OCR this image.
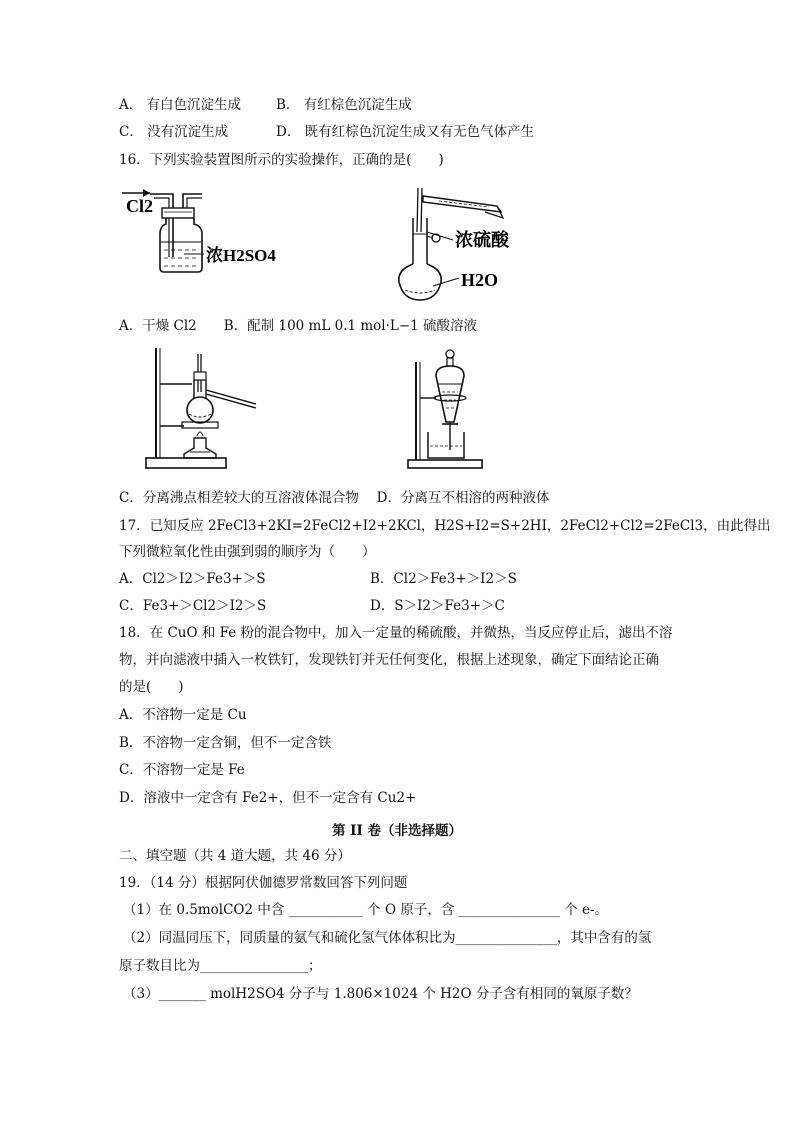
A． 有白色沉淀生成	B． 有红棕色沉淀生成
C． 没有沉淀生成	D． 既有红棕色沉淀生成又有无色气体产生
16．下列实验装置图所示的实验操作，正确的是(　　)
Cl2
浓H2SO4
浓硫酸
H2O
A．干燥 Cl2　　B．配制 100 mL 0.1 mol·L−1 硫酸溶液
C．分离沸点相差较大的互溶液体混合物　 D．分离互不相溶的两种液体
17．已知反应 2FeCl3+2KI=2FeCl2+I2+2KCl，H2S+I2=S+2HI，2FeCl2+Cl2=2FeCl3，由此得出
下列微粒氧化性由强到弱的顺序为（　　）
A．Cl2＞I2＞Fe3+＞S	B．Cl2＞Fe3+＞I2＞S
C．Fe3+＞Cl2＞I2＞S	D．S＞I2＞Fe3+＞C
18．在 CuO 和 Fe 粉的混合物中，加入一定量的稀硫酸，并微热，当反应停止后，滤出不溶
物，并向滤液中插入一枚铁钉，发现铁钉并无任何变化，根据上述现象，确定下面结论正确
的是(　　)
A．不溶物一定是 Cu
B．不溶物一定含铜，但不一定含铁
C．不溶物一定是 Fe
D．溶液中一定含有 Fe2+，但不一定含有 Cu2+
第 II 卷（非选择题）
二、填空题（共 4 道大题，共 46 分）
19．（14 分）根据阿伏伽德罗常数回答下列问题
（1）在 0.5molCO2 中含 ___________ 个 O 原子，含 _______________ 个 e-。
（2）同温同压下，同质量的氨气和硫化氢气体体积比为_______________，其中含有的氢
原子数目比为________________；
（3）_______ molH2SO4 分子与 1.806×1024 个 H2O 分子含有相同的氧原子数？
